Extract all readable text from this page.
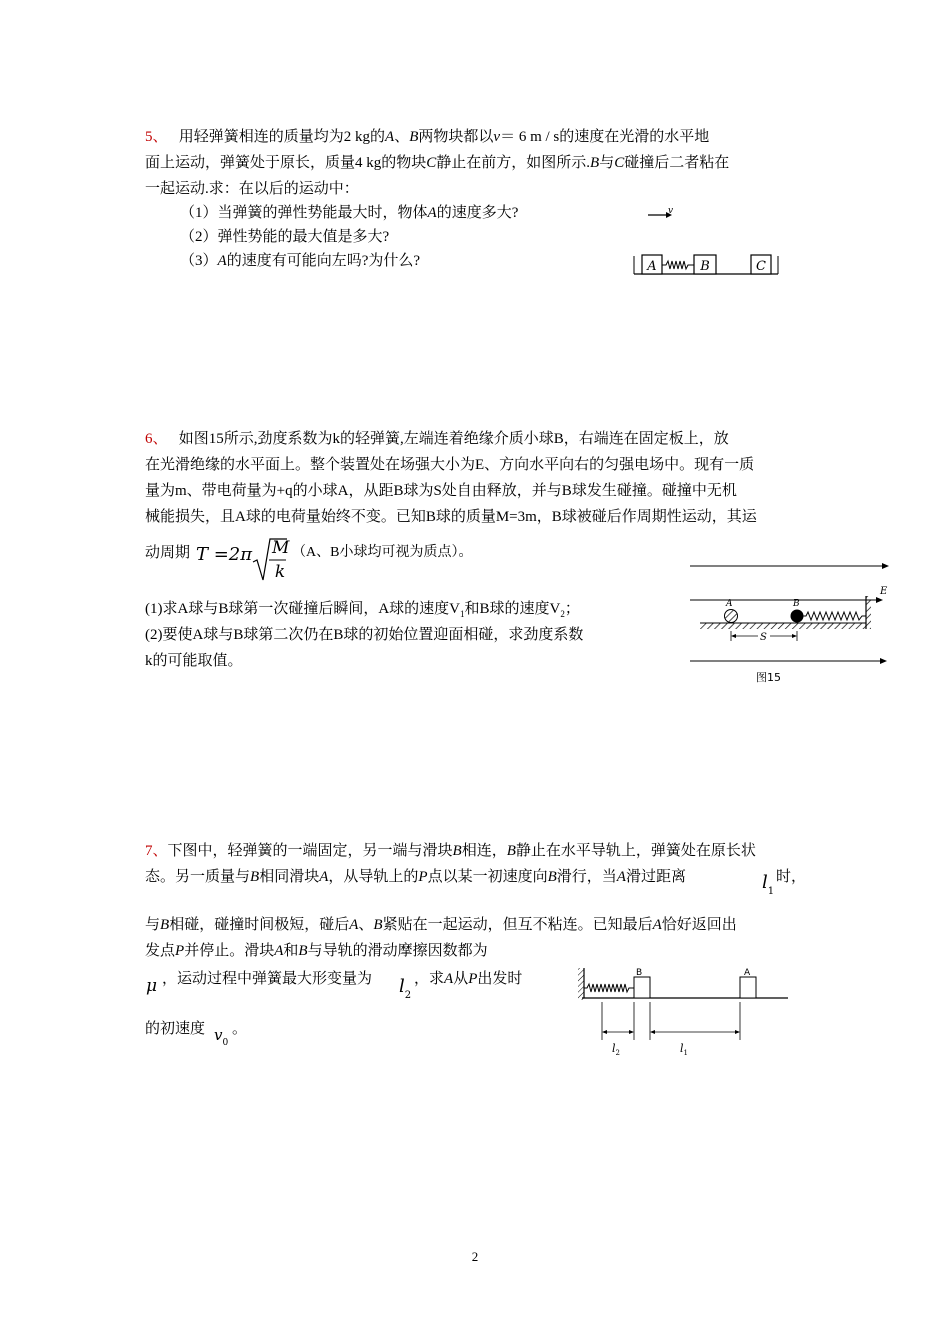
5、 用轻弹簧相连的质量均为2 kg的A、B两物块都以v＝ 6 m / s的速度在光滑的水平地
面上运动，弹簧处于原长，质量4 kg的物块C静止在前方，如图所示.B与C碰撞后二者粘在
一起运动.求：在以后的运动中：
（1）当弹簧的弹性势能最大时，物体A的速度多大?
（2）弹性势能的最大值是多大?
（3）A的速度有可能向左吗?为什么?
v
A	B	C
6、 如图15所示,劲度系数为k的轻弹簧,左端连着绝缘介质小球B，右端连在固定板上，放
在光滑绝缘的水平面上。整个装置处在场强大小为E、方向水平向右的匀强电场中。现有一质
量为m、带电荷量为+q的小球A，从距B球为S处自由释放，并与B球发生碰撞。碰撞中无机
械能损失，且A球的电荷量始终不变。已知B球的质量M=3m，B球被碰后作周期性运动，其运
动周期 T =2π M
k
（A、B小球均可视为质点）。
(1)求A球与B球第一次碰撞后瞬间，A球的速度$V_1$和B球的速度$V_2$；
(2)要使A球与B球第二次仍在B球的初始位置迎面相碰，求劲度系数
k的可能取值。
E
A	B
S
图15
7、下图中，轻弹簧的一端固定，另一端与滑块B相连，B静止在水平导轨上，弹簧处在原长状
态。另一质量与B相同滑块A，从导轨上的P点以某一初速度向B滑行，当A滑过距离	$l_1$
时，
与B相碰，碰撞时间极短，碰后A、B紧贴在一起运动，但互不粘连。已知最后A恰好返回出
发点P并停止。滑块A和B与导轨的滑动摩擦因数都为
μ ，运动过程中弹簧最大形变量为 $l_2$
，求A从P出发时
的初速度 $v_0$
。
B	A
$l_2$	$l_1$
2
